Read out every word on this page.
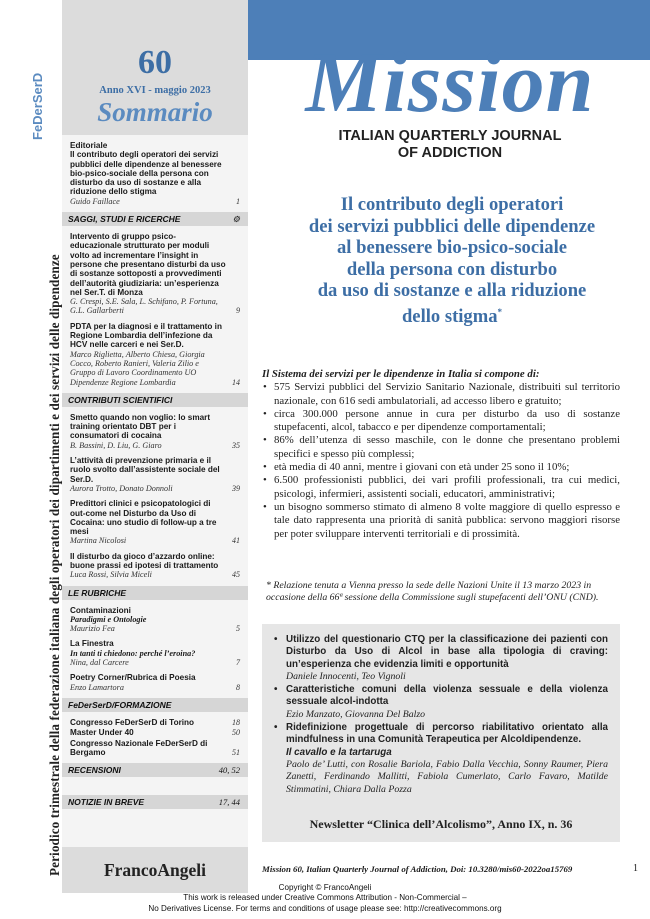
Periodico trimestrale della federazione italiana degli operatori dei dipartimenti e dei servizi delle dipendenze
FeDerSerD
60
Anno XVI - maggio 2023
Sommario
Editoriale
Il contributo degli operatori dei servizi pubblici delle dipendenze al benessere bio-psico-sociale della persona con disturbo da uso di sostanze e alla riduzione dello stigma
Guido Faillace	1
SAGGI, STUDI E RICERCHE	⚙
Intervento di gruppo psico-educazionale strutturato per moduli volto ad incrementare l’insight in persone che presentano disturbi da uso di sostanze sottoposti a provvedimenti dell’autorità giudiziaria: un’esperienza nel Ser.T. di Monza
G. Crespi, S.E. Sala, L. Schifano, P. Fortuna, G.L. Gallarberti	9
PDTA per la diagnosi e il trattamento in Regione Lombardia dell’infezione da HCV nelle carceri e nei Ser.D.
Marco Riglietta, Alberto Chiesa, Giorgia Cocco, Roberto Ranieri, Valeria Zilio e Gruppo di Lavoro Coordinamento UO Dipendenze Regione Lombardia	14
CONTRIBUTI SCIENTIFICI
Smetto quando non voglio: lo smart training orientato DBT per i consumatori di cocaina
B. Bassini, D. Liu, G. Giaro	35
L’attività di prevenzione primaria e il ruolo svolto dall’assistente sociale del Ser.D.
Aurora Trotto, Donato Donnoli	39
Predittori clinici e psicopatologici di out-come nel Disturbo da Uso di Cocaina: uno studio di follow-up a tre mesi
Martina Nicolosi	41
Il disturbo da gioco d’azzardo online: buone prassi ed ipotesi di trattamento
Luca Rossi, Silvia Miceli	45
LE RUBRICHE
Contaminazioni
Paradigmi e Ontologie
Maurizio Fea	5
La Finestra
In tanti ti chiedono: perché l’eroina?
Nina, dal Carcere	7
Poetry Corner/Rubrica di Poesia
Enzo Lamartora	8
FeDerSerD/FORMAZIONE
Congresso FeDerSerD di Torino	18
Master Under 40	50
Congresso Nazionale FeDerSerD di Bergamo	51
RECENSIONI	40, 52
NOTIZIE IN BREVE	17, 44
FrancoAngeli
Mission
ITALIAN QUARTERLY JOURNAL
OF ADDICTION
Il contributo degli operatori
dei servizi pubblici delle dipendenze
al benessere bio-psico-sociale
della persona con disturbo
da uso di sostanze e alla riduzione
dello stigma*
Il Sistema dei servizi per le dipendenze in Italia si compone di:
• 575 Servizi pubblici del Servizio Sanitario Nazionale, distribuiti sul territorio nazionale, con 616 sedi ambulatoriali, ad accesso libero e gratuito;
• circa 300.000 persone annue in cura per disturbo da uso di sostanze stupefacenti, alcol, tabacco e per dipendenze comportamentali;
• 86% dell’utenza di sesso maschile, con le donne che presentano problemi specifici e spesso più complessi;
• età media di 40 anni, mentre i giovani con età under 25 sono il 10%;
• 6.500 professionisti pubblici, dei vari profili professionali, tra cui medici, psicologi, infermieri, assistenti sociali, educatori, amministrativi;
• un bisogno sommerso stimato di almeno 8 volte maggiore di quello espresso e tale dato rappresenta una priorità di sanità pubblica: servono maggiori risorse per poter sviluppare interventi territoriali e di prossimità.
* Relazione tenuta a Vienna presso la sede delle Nazioni Unite il 13 marzo 2023 in occasione della 66ª sessione della Commissione sugli stupefacenti dell’ONU (CND).
• Utilizzo del questionario CTQ per la classificazione dei pazienti con Disturbo da Uso di Alcol in base alla tipologia di craving: un’esperienza che evidenzia limiti e opportunità
Daniele Innocenti, Teo Vignoli
• Caratteristiche comuni della violenza sessuale e della violenza sessuale alcol-indotta
Ezio Manzato, Giovanna Del Balzo
• Ridefinizione progettuale di percorso riabilitativo orientato alla mindfulness in una Comunità Terapeutica per Alcoldipendenze.
Il cavallo e la tartaruga
Paolo de’ Lutti, con Rosalie Bariola, Fabio Dalla Vecchia, Sonny Raumer, Piera Zanetti, Ferdinando Mallitti, Fabiola Cumerlato, Carlo Favaro, Matilde Stimmatini, Chiara Dalla Pozza
Newsletter “Clinica dell’Alcolismo”, Anno IX, n. 36
Mission 60, Italian Quarterly Journal of Addiction, Doi: 10.3280/mis60-2022oa15769	1
Copyright © FrancoAngeli
This work is released under Creative Commons Attribution - Non-Commercial –
No Derivatives License. For terms and conditions of usage please see: http://creativecommons.org
